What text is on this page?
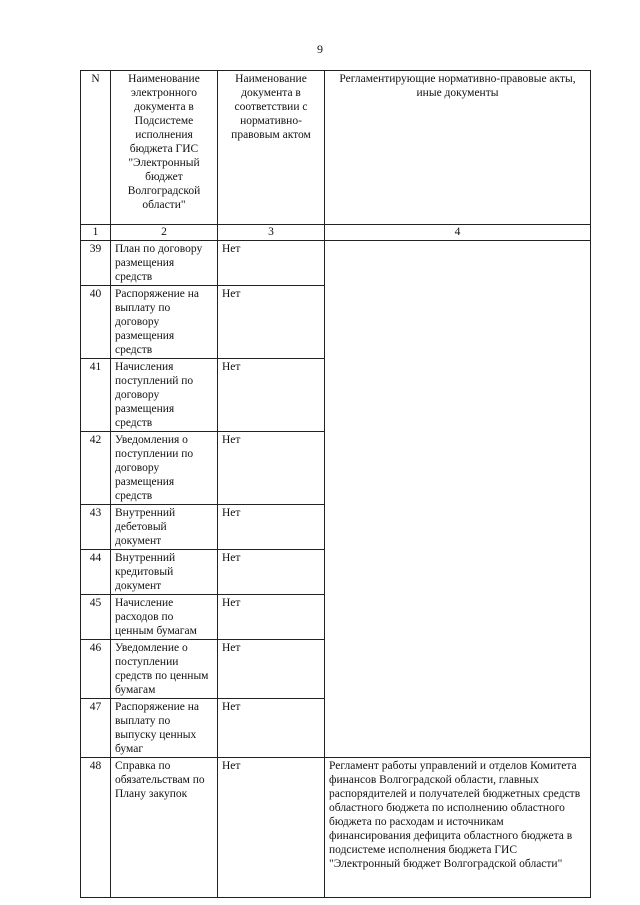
9
N	Наименование электронного документа в Подсистеме исполнения бюджета ГИС "Электронный бюджет Волгоградской области"	Наименование документа в соответствии с нормативно-правовым актом	Регламентирующие нормативно-правовые акты, иные документы
1	2	3	4
39	План по договору размещения средств	Нет	
40	Распоряжение на выплату по договору размещения средств	Нет	
41	Начисления поступлений по договору размещения средств	Нет	
42	Уведомления о поступлении по договору размещения средств	Нет	
43	Внутренний дебетовый документ	Нет	
44	Внутренний кредитовый документ	Нет	
45	Начисление расходов по ценным бумагам	Нет	
46	Уведомление о поступлении средств по ценным бумагам	Нет	
47	Распоряжение на выплату по выпуску ценных бумаг	Нет	
48	Справка по обязательствам по Плану закупок	Нет	Регламент работы управлений и отделов Комитета финансов Волгоградской области, главных распорядителей и получателей бюджетных средств областного бюджета по исполнению областного бюджета по расходам и источникам финансирования дефицита областного бюджета в подсистеме исполнения бюджета ГИС "Электронный бюджет Волгоградской области"
